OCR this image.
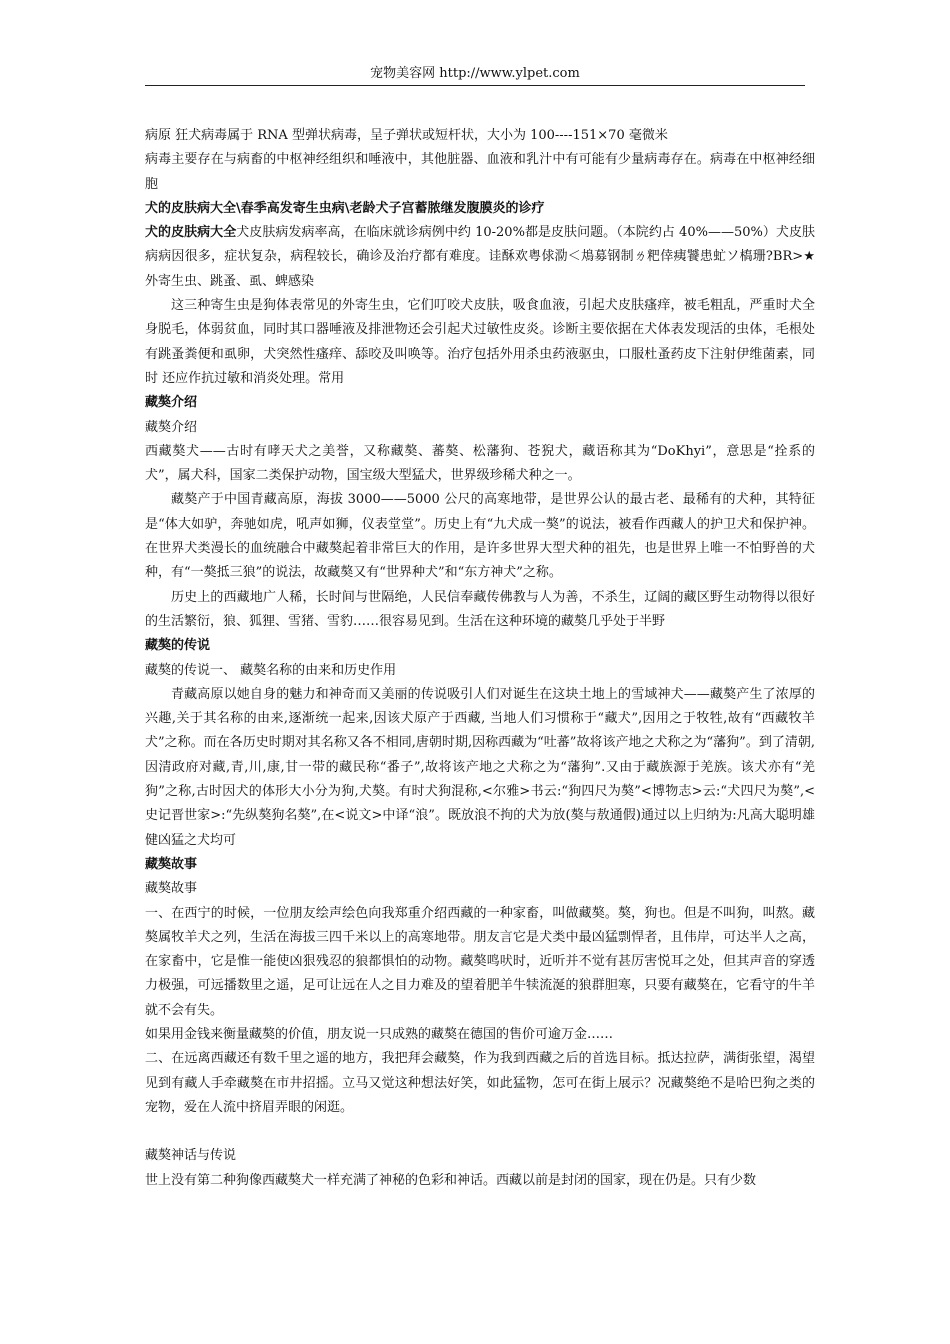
宠物美容网 http://www.ylpet.com

病原 狂犬病毒属于 RNA 型弹状病毒，呈子弹状或短杆状，大小为 100----151×70 毫微米

病毒主要存在与病畜的中枢神经组织和唾液中，其他脏器、血液和乳汁中有可能有少量病毒存在。病毒在中枢神经细胞

犬的皮肤病大全\春季高发寄生虫病\老龄犬子宫蓄脓继发腹膜炎的诊疗

犬的皮肤病大全犬皮肤病发病率高，在临床就诊病例中约 10-20%都是皮肤问题。（本院约占 40%——50%）犬皮肤病病因很多，症状复杂，病程较长，确诊及治疗都有难度。诖酥欢粤俅泐＜䲪募钢制ㄌ粑倖痍饕患虻ソ槗珊?BR>★ 外寄生虫、跳蚤、虱、蜱感染

这三种寄生虫是狗体表常见的外寄生虫，它们叮咬犬皮肤，吸食血液，引起犬皮肤瘙痒，被毛粗乱，严重时犬全身脱毛，体弱贫血，同时其口器唾液及排泄物还会引起犬过敏性皮炎。诊断主要依据在犬体表发现活的虫体，毛根处有跳蚤粪便和虱卵，犬突然性瘙痒、舔咬及叫唤等。治疗包括外用杀虫药液驱虫，口服杜蚤药皮下注射伊维菌素，同时 还应作抗过敏和消炎处理。常用

藏獒介绍

藏獒介绍

西藏獒犬——古时有哮天犬之美誉，又称藏獒、蕃獒、松藩狗、苍猊犬，藏语称其为“DoKhyi”，意思是“拴系的犬”，属犬科，国家二类保护动物，国宝级大型猛犬，世界级珍稀犬种之一。

藏獒产于中国青藏高原，海拔 3000——5000 公尺的高寒地带，是世界公认的最古老、最稀有的犬种，其特征是“体大如驴，奔驰如虎，吼声如狮，仪表堂堂”。历史上有“九犬成一獒”的说法，被看作西藏人的护卫犬和保护神。在世界犬类漫长的血统融合中藏獒起着非常巨大的作用，是许多世界大型犬种的祖先，也是世界上唯一不怕野兽的犬种，有“一獒抵三狼”的说法，故藏獒又有“世界种犬”和“东方神犬”之称。

历史上的西藏地广人稀，长时间与世隔绝，人民信奉藏传佛教与人为善，不杀生，辽阔的藏区野生动物得以很好的生活繁衍，狼、狐狸、雪猪、雪豹……很容易见到。生活在这种环境的藏獒几乎处于半野

藏獒的传说

藏獒的传说一、 藏獒名称的由来和历史作用

青藏高原以她自身的魅力和神奇而又美丽的传说吸引人们对诞生在这块土地上的雪域神犬——藏獒产生了浓厚的兴趣,关于其名称的由来,逐渐统一起来,因该犬原产于西藏, 当地人们习惯称于“藏犬”,因用之于牧牲,故有“西藏牧羊犬”之称。而在各历史时期对其名称又各不相同,唐朝时期,因称西藏为“吐蕃”故将该产地之犬称之为“藩狗”。到了清朝,因清政府对藏,青,川,康,甘一带的藏民称“番子”,故将该产地之犬称之为“藩狗”.又由于藏族源于羌族。该犬亦有“羌狗”之称,古时因犬的体形大小分为狗,犬獒。有时犬狗混称,<尔雅>书云:“狗四尺为獒”<博物志>云:“犬四尺为獒”,<史记晋世家>:“先纵獒狗名獒”,在<说文>中译“浪”。既放浪不拘的犬为放(獒与敖通假)通过以上归纳为:凡高大聪明雄健凶猛之犬均可

藏獒故事

藏獒故事

一、在西宁的时候，一位朋友绘声绘色向我郑重介绍西藏的一种家畜，叫做藏獒。獒，狗也。但是不叫狗，叫熬。藏獒属牧羊犬之列，生活在海拔三四千米以上的高寒地带。朋友言它是犬类中最凶猛剽悍者，且伟岸，可达半人之高，在家畜中，它是惟一能使凶狠残忍的狼都惧怕的动物。藏獒鸣吠时，近听并不觉有甚厉害悦耳之处，但其声音的穿透力极强，可远播数里之遥，足可让远在人之目力难及的望着肥羊牛犊流涎的狼群胆寒，只要有藏獒在，它看守的牛羊就不会有失。

如果用金钱来衡量藏獒的价值，朋友说一只成熟的藏獒在德国的售价可逾万金……

二、在远离西藏还有数千里之遥的地方，我把拜会藏獒，作为我到西藏之后的首选目标。抵达拉萨，满街张望，渴望见到有藏人手牵藏獒在市井招摇。立马又觉这种想法好笑，如此猛物，怎可在街上展示？况藏獒绝不是哈巴狗之类的宠物，爱在人流中挤眉弄眼的闲逛。

藏獒神话与传说

世上没有第二种狗像西藏獒犬一样充满了神秘的色彩和神话。西藏以前是封闭的国家，现在仍是。只有少数
